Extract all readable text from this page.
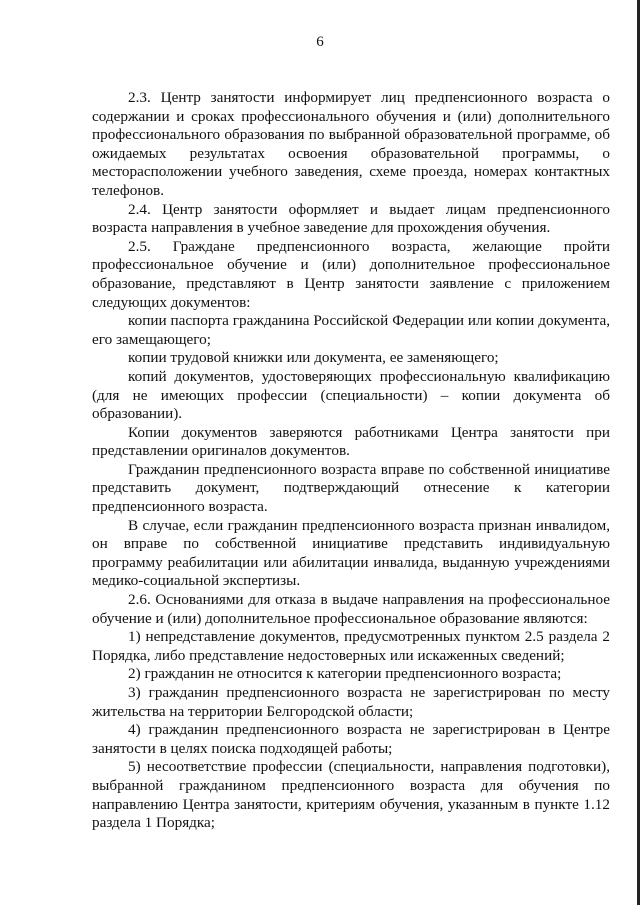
6

2.3. Центр занятости информирует лиц предпенсионного возраста о содержании и сроках профессионального обучения и (или) дополнительного профессионального образования по выбранной образовательной программе, об ожидаемых результатах освоения образовательной программы, о месторасположении учебного заведения, схеме проезда, номерах контактных телефонов.

2.4. Центр занятости оформляет и выдает лицам предпенсионного возраста направления в учебное заведение для прохождения обучения.

2.5. Граждане предпенсионного возраста, желающие пройти профессиональное обучение и (или) дополнительное профессиональное образование, представляют в Центр занятости заявление с приложением следующих документов:

копии паспорта гражданина Российской Федерации или копии документа, его замещающего;

копии трудовой книжки или документа, ее заменяющего;

копий документов, удостоверяющих профессиональную квалификацию (для не имеющих профессии (специальности) – копии документа об образовании).

Копии документов заверяются работниками Центра занятости при представлении оригиналов документов.

Гражданин предпенсионного возраста вправе по собственной инициативе представить документ, подтверждающий отнесение к категории предпенсионного возраста.

В случае, если гражданин предпенсионного возраста признан инвалидом, он вправе по собственной инициативе представить индивидуальную программу реабилитации или абилитации инвалида, выданную учреждениями медико-социальной экспертизы.

2.6. Основаниями для отказа в выдаче направления на профессиональное обучение и (или) дополнительное профессиональное образование являются:

1) непредставление документов, предусмотренных пунктом 2.5 раздела 2 Порядка, либо представление недостоверных или искаженных сведений;

2) гражданин не относится к категории предпенсионного возраста;

3) гражданин предпенсионного возраста не зарегистрирован по месту жительства на территории Белгородской области;

4) гражданин предпенсионного возраста не зарегистрирован в Центре занятости в целях поиска подходящей работы;

5) несоответствие профессии (специальности, направления подготовки), выбранной гражданином предпенсионного возраста для обучения по направлению Центра занятости, критериям обучения, указанным в пункте 1.12 раздела 1 Порядка;
